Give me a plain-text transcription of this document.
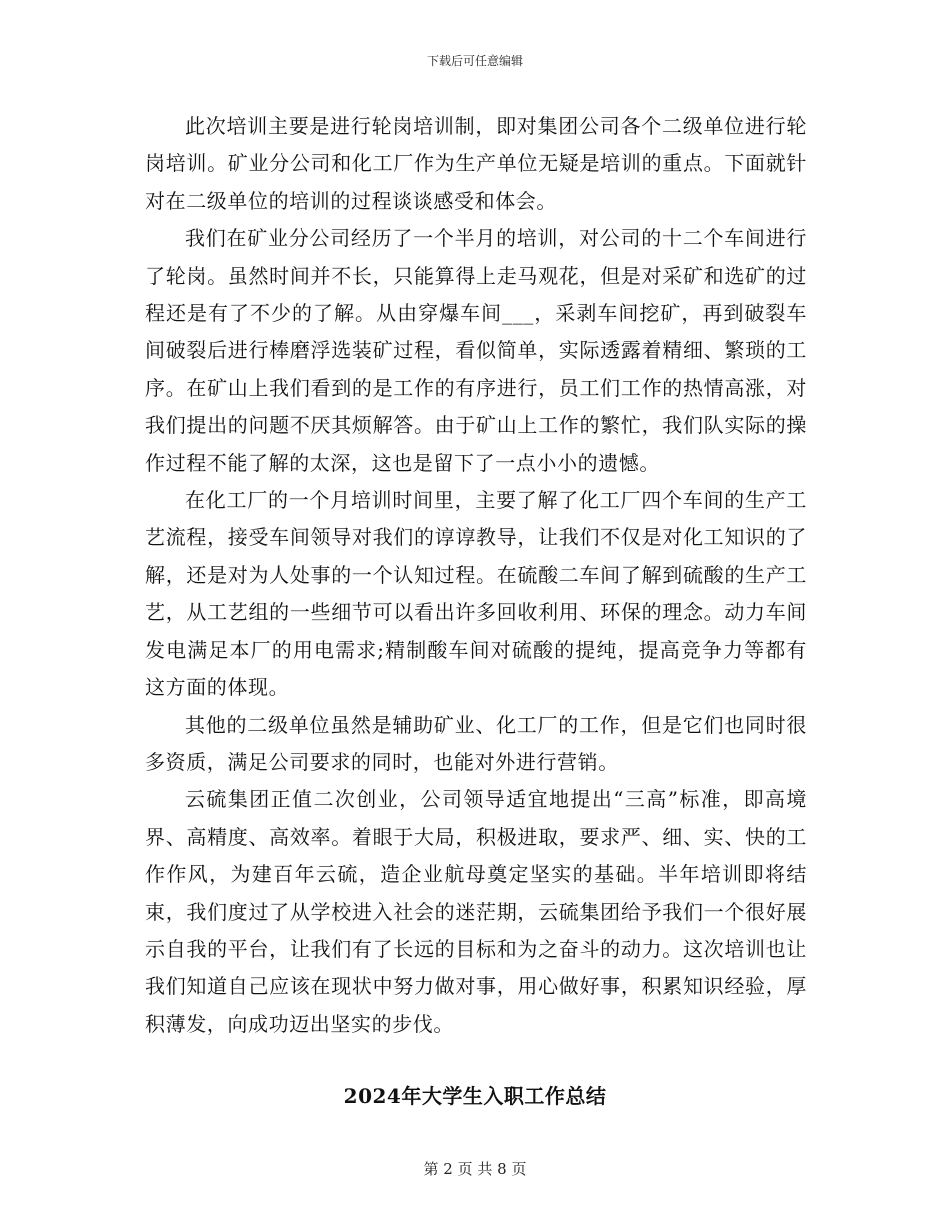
下载后可任意编辑

此次培训主要是进行轮岗培训制，即对集团公司各个二级单位进行轮岗培训。矿业分公司和化工厂作为生产单位无疑是培训的重点。下面就针对在二级单位的培训的过程谈谈感受和体会。

我们在矿业分公司经历了一个半月的培训，对公司的十二个车间进行了轮岗。虽然时间并不长，只能算得上走马观花，但是对采矿和选矿的过程还是有了不少的了解。从由穿爆车间___，采剥车间挖矿，再到破裂车间破裂后进行棒磨浮选装矿过程，看似简单，实际透露着精细、繁琐的工序。在矿山上我们看到的是工作的有序进行，员工们工作的热情高涨，对我们提出的问题不厌其烦解答。由于矿山上工作的繁忙，我们队实际的操作过程不能了解的太深，这也是留下了一点小小的遗憾。

在化工厂的一个月培训时间里，主要了解了化工厂四个车间的生产工艺流程，接受车间领导对我们的谆谆教导，让我们不仅是对化工知识的了解，还是对为人处事的一个认知过程。在硫酸二车间了解到硫酸的生产工艺，从工艺组的一些细节可以看出许多回收利用、环保的理念。动力车间发电满足本厂的用电需求;精制酸车间对硫酸的提纯，提高竞争力等都有这方面的体现。

其他的二级单位虽然是辅助矿业、化工厂的工作，但是它们也同时很多资质，满足公司要求的同时，也能对外进行营销。

云硫集团正值二次创业，公司领导适宜地提出“三高”标准，即高境界、高精度、高效率。着眼于大局，积极进取，要求严、细、实、快的工作作风，为建百年云硫，造企业航母奠定坚实的基础。半年培训即将结束，我们度过了从学校进入社会的迷茫期，云硫集团给予我们一个很好展示自我的平台，让我们有了长远的目标和为之奋斗的动力。这次培训也让我们知道自己应该在现状中努力做对事，用心做好事，积累知识经验，厚积薄发，向成功迈出坚实的步伐。

2024年大学生入职工作总结
第 2 页 共 8 页
